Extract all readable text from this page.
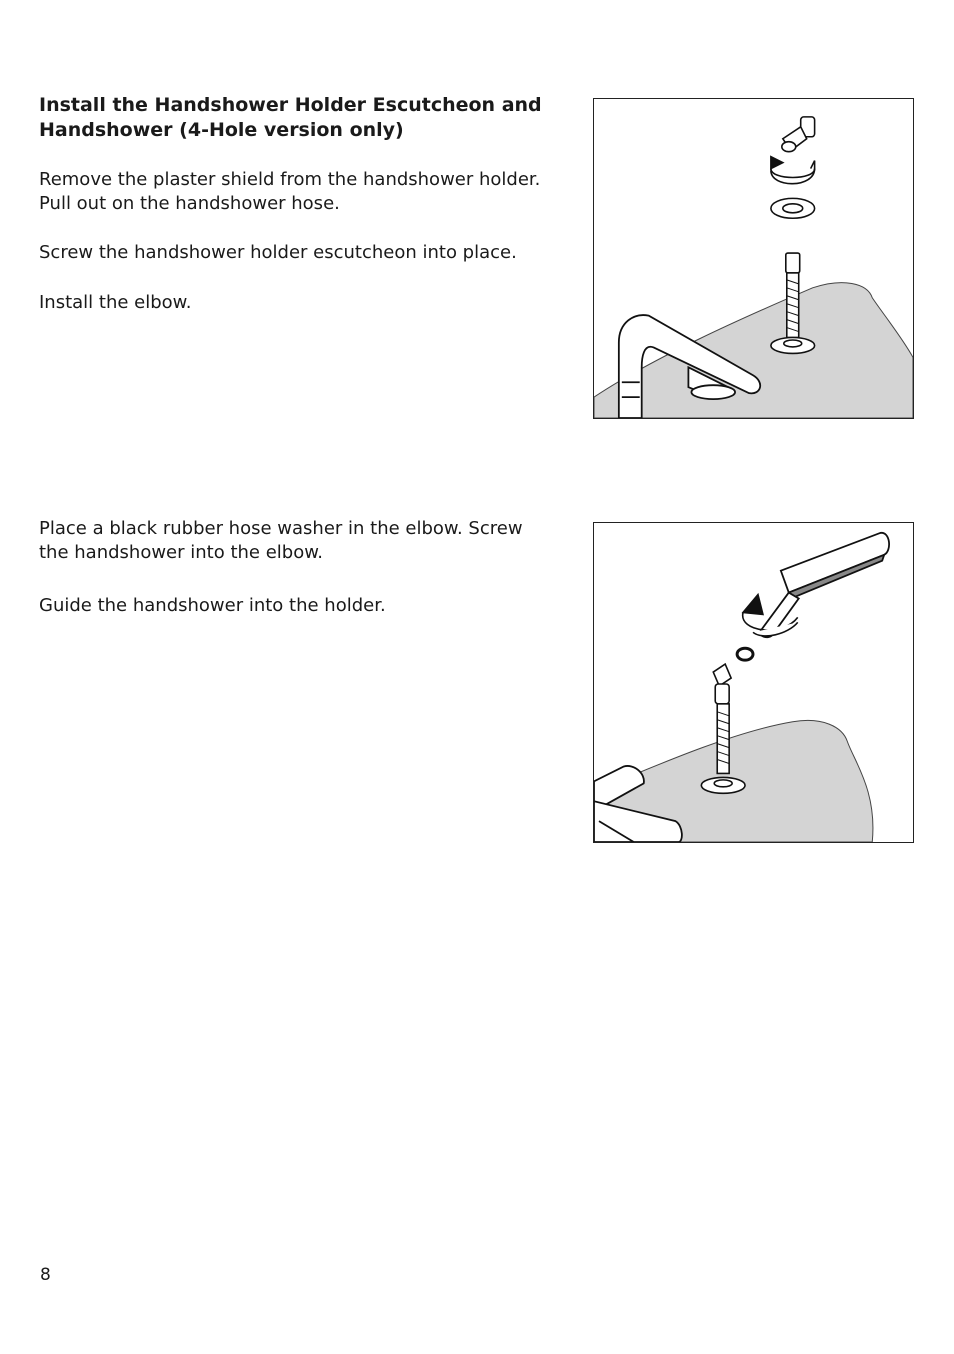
Install the Handshower Holder Escutcheon and
Handshower (4-Hole version only)

Remove the plaster shield from the handshower holder.
Pull out on the handshower hose.

Screw the handshower holder escutcheon into place.

Install the elbow.

Place a black rubber hose washer in the elbow. Screw
the handshower into the elbow.

Guide the handshower into the holder.

8
